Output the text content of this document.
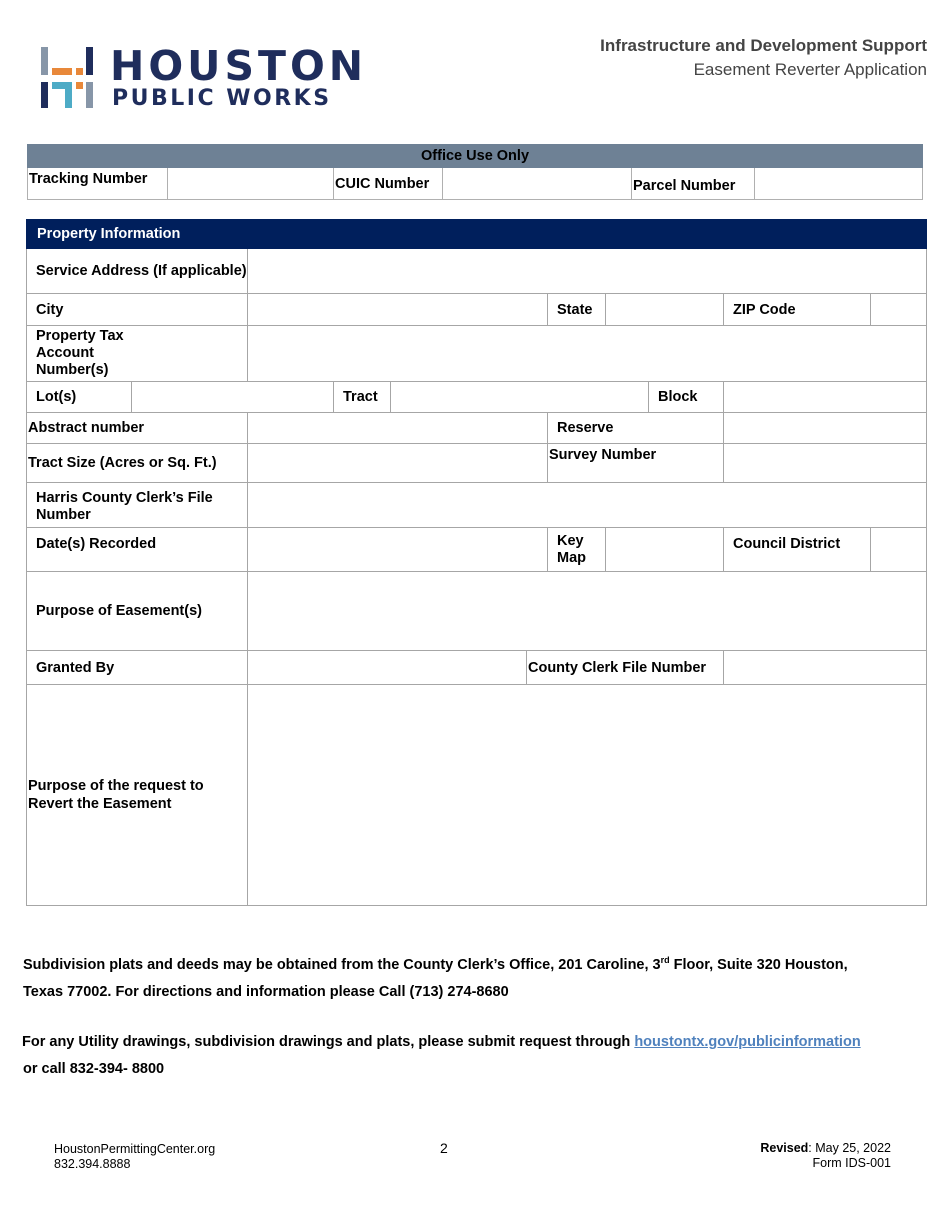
HOUSTON
PUBLIC WORKS
Infrastructure and Development Support
Easement Reverter Application
Office Use Only
Tracking Number		CUIC Number		Parcel Number	
Property Information										
Service Address (If applicable)										
City						State			ZIP Code	

Property Tax Account Number(s)										

Lot(s)			Tract					Block		
Abstract number						Reserve				
Tract Size (Acres or Sq. Ft.)						Survey Number				
Harris County Clerk’s File Number										
Date(s) Recorded						Key Map			Council District	
Purpose of Easement(s)										
Granted By					County Clerk File Number					
Purpose of the request to Revert the Easement										
Subdivision plats and deeds may be obtained from the County Clerk’s Office, 201 Caroline, 3rd Floor, Suite 320 Houston,
Texas 77002. For directions and information please Call (713) 274-8680
For any Utility drawings, subdivision drawings and plats, please submit request through houstontx.gov/publicinformation
or call 832-394- 8800
HoustonPermittingCenter.org
832.394.8888
2	Revised: May 25, 2022
Form IDS-001
